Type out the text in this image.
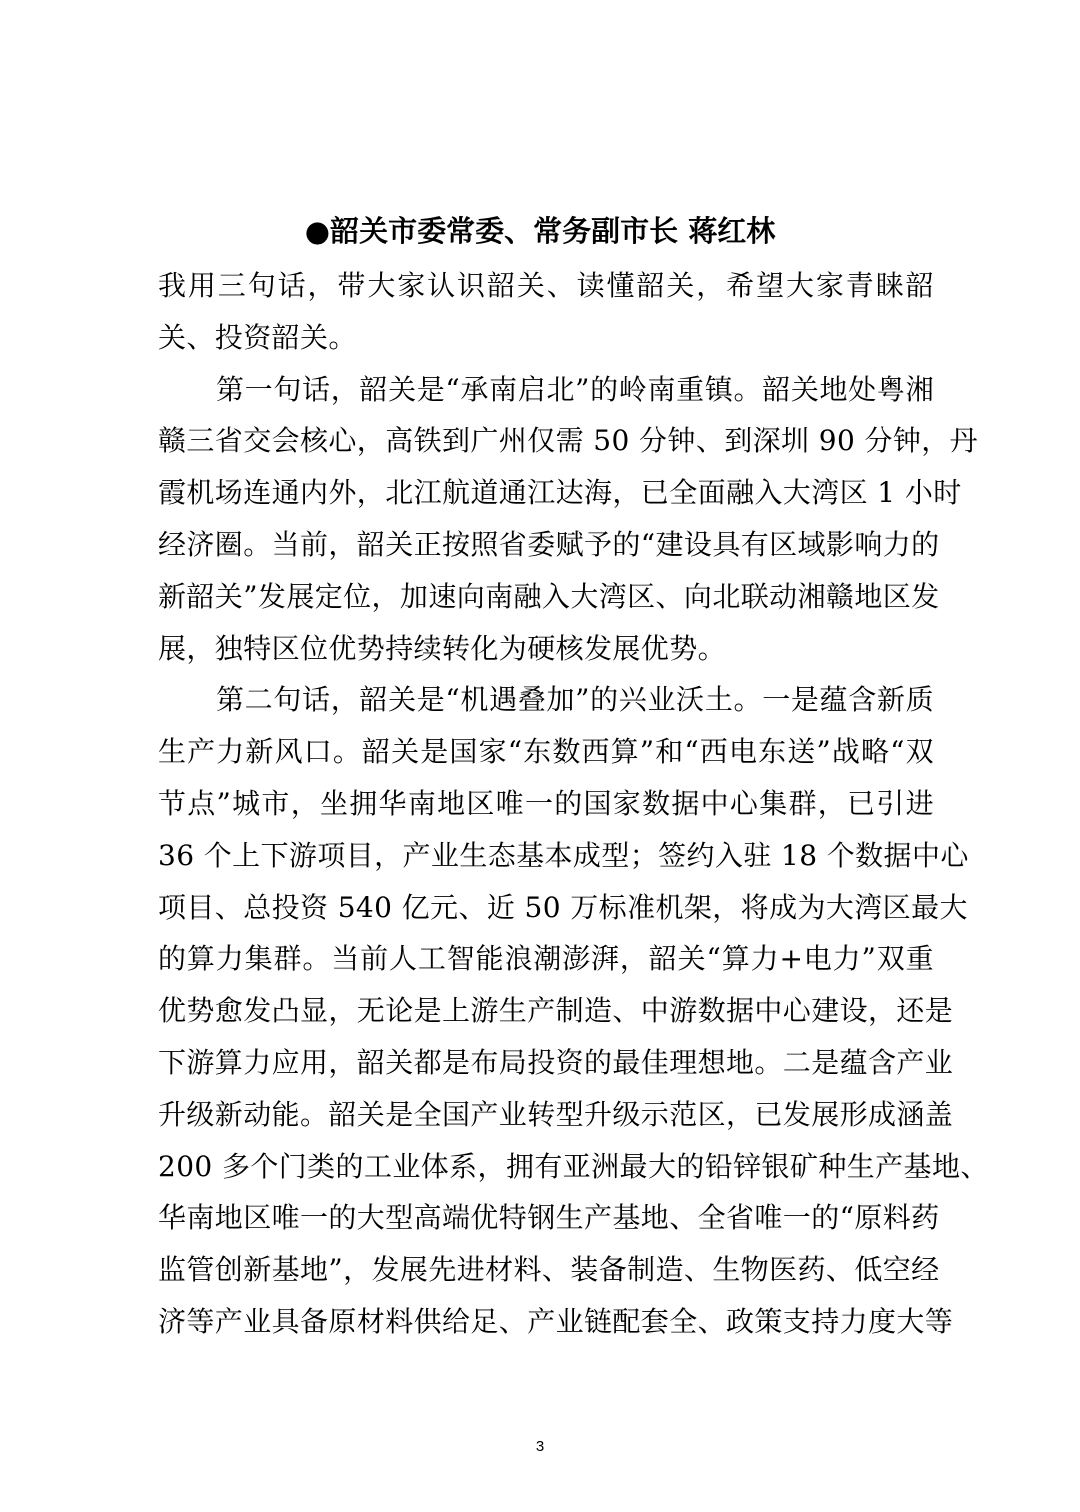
●韶关市委常委、常务副市长 蒋红林
我用三句话，带大家认识韶关、读懂韶关，希望大家青睐韶
关、投资韶关。
第一句话，韶关是“承南启北”的岭南重镇。韶关地处粤湘
赣三省交会核心，高铁到广州仅需 50 分钟、到深圳 90 分钟，丹
霞机场连通内外，北江航道通江达海，已全面融入大湾区 1 小时
经济圈。当前，韶关正按照省委赋予的“建设具有区域影响力的
新韶关”发展定位，加速向南融入大湾区、向北联动湘赣地区发
展，独特区位优势持续转化为硬核发展优势。
第二句话，韶关是“机遇叠加”的兴业沃土。一是蕴含新质
生产力新风口。韶关是国家“东数西算”和“西电东送”战略“双
节点”城市，坐拥华南地区唯一的国家数据中心集群，已引进
36 个上下游项目，产业生态基本成型；签约入驻 18 个数据中心
项目、总投资 540 亿元、近 50 万标准机架，将成为大湾区最大
的算力集群。当前人工智能浪潮澎湃，韶关“算力+电力”双重
优势愈发凸显，无论是上游生产制造、中游数据中心建设，还是
下游算力应用，韶关都是布局投资的最佳理想地。二是蕴含产业
升级新动能。韶关是全国产业转型升级示范区，已发展形成涵盖
200 多个门类的工业体系，拥有亚洲最大的铅锌银矿种生产基地、
华南地区唯一的大型高端优特钢生产基地、全省唯一的“原料药
监管创新基地”，发展先进材料、装备制造、生物医药、低空经
济等产业具备原材料供给足、产业链配套全、政策支持力度大等
3
